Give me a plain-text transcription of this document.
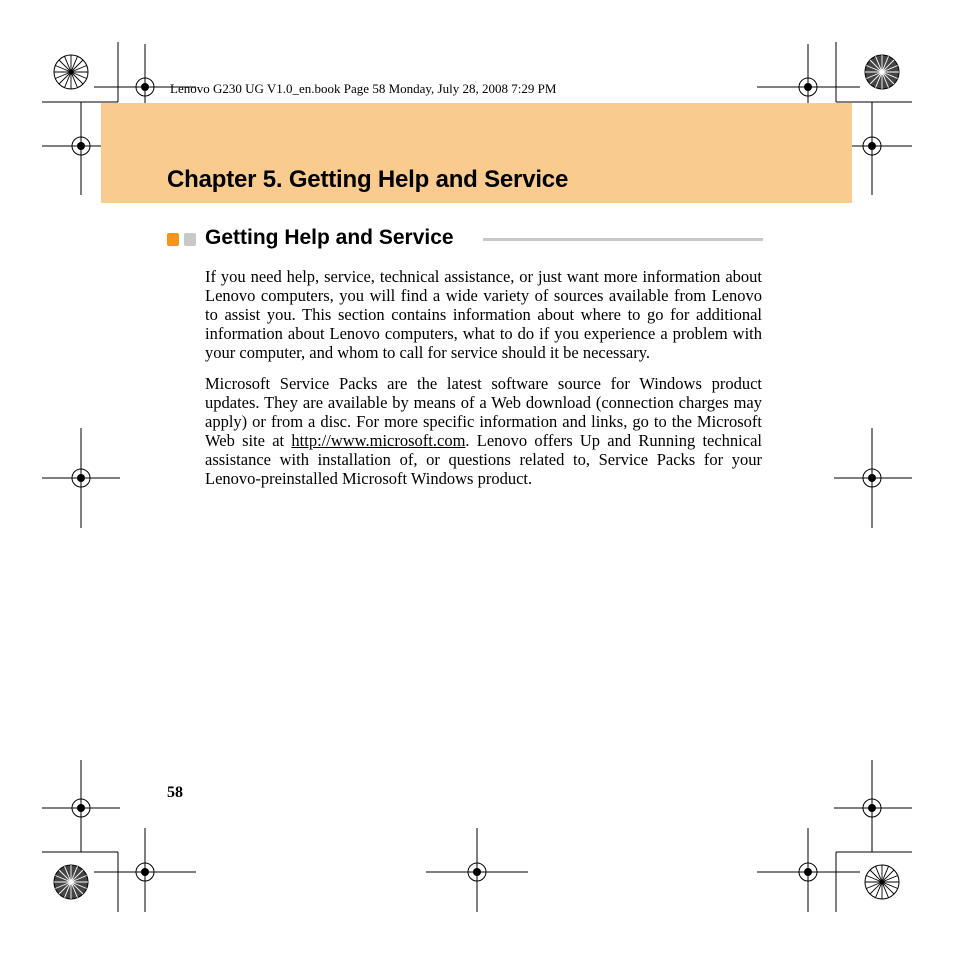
Lenovo G230 UG V1.0_en.book Page 58 Monday, July 28, 2008 7:29 PM
Chapter 5. Getting Help and Service
Getting Help and Service

If you need help, service, technical assistance, or just want more information about Lenovo computers, you will find a wide variety of sources available from Lenovo to assist you. This section contains information about where to go for additional information about Lenovo computers, what to do if you experience a problem with your computer, and whom to call for service should it be necessary.

Microsoft Service Packs are the latest software source for Windows product updates. They are available by means of a Web download (connection charges may apply) or from a disc. For more specific information and links, go to the Microsoft Web site at http://www.microsoft.com. Lenovo offers Up and Running technical assistance with installation of, or questions related to, Service Packs for your Lenovo-preinstalled Microsoft Windows product.

58
